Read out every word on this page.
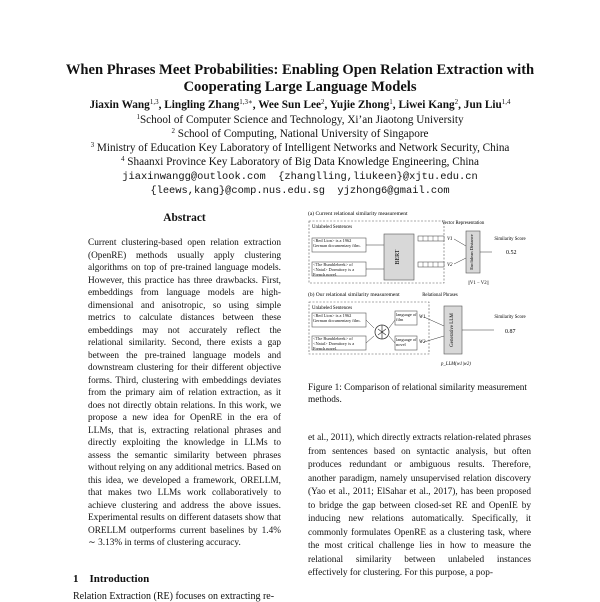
When Phrases Meet Probabilities: Enabling Open Relation Extraction with
Cooperating Large Language Models
Jiaxin Wang$^{1,3}$, Lingling Zhang$^{1,3∗}$, Wee Sun Lee$^2$, Yujie Zhong$^1$, Liwei Kang$^2$, Jun Liu$^{1,4}$
$^1$School of Computer Science and Technology, Xi’an Jiaotong University
$^2$ School of Computing, National University of Singapore
$^3$ Ministry of Education Key Laboratory of Intelligent Networks and Network Security, China
$^4$ Shaanxi Province Key Laboratory of Big Data Knowledge Engineering, China
jiaxinwangg@outlook.com  {zhanglling,liukeen}@xjtu.edu.cn
{leews,kang}@comp.nus.edu.sg  yjzhong6@gmail.com
Abstract
Current clustering-based open relation extraction (OpenRE) methods usually apply clustering algorithms on top of pre-trained language models. However, this practice has three drawbacks. First, embeddings from language models are high-dimensional and anisotropic, so using simple metrics to calculate distances between these embeddings may not accurately reflect the relational similarity. Second, there exists a gap between the pre-trained language models and downstream clustering for their different objective forms. Third, clustering with embeddings deviates from the primary aim of relation extraction, as it does not directly obtain relations. In this work, we propose a new idea for OpenRE in the era of LLMs, that is, extracting relational phrases and directly exploiting the knowledge in LLMs to assess the semantic similarity between phrases without relying on any additional metrics. Based on this idea, we developed a framework, ORELLM, that makes two LLMs work collaboratively to achieve clustering and address the above issues. Experimental results on different datasets show that ORELLM outperforms current baselines by 1.4% ∼ 3.13% in terms of clustering accuracy.
1 Introduction
Relation Extraction (RE) focuses on extracting re-
(a) Current relational similarity measurement
Vector Representation
Unlabeled Sentences
<Red Lion> is a 1962 German documentary film.
<The Bumblebeek> of <Natal> Dormitory is a French novel.
BERT
V1
V2	Euclidean Distance	Similarity Score
0.52
||V1 − V2||
(b) Our relational similarity measurement	Relational Phrases
Unlabeled Sentences
<Red Lion> is a 1962 German documentary film.
<The Bumblebeek> of <Natal> Dormitory is a French novel.
language of film
language of novel
W1
W2	Generative LLM	Similarity Score
0.87
p_LLM(w1|w2)
Figure 1: Comparison of relational similarity measurement methods.
et al., 2011), which directly extracts relation-related phrases from sentences based on syntactic analysis, but often produces redundant or ambiguous results. Therefore, another paradigm, namely unsupervised relation discovery (Yao et al., 2011; ElSahar et al., 2017), has been proposed to bridge the gap between closed-set RE and OpenIE by inducing new relations automatically. Specifically, it commonly formulates OpenRE as a clustering task, where the most critical challenge lies in how to measure the relational similarity between unlabeled instances effectively for clustering. For this purpose, a pop-
